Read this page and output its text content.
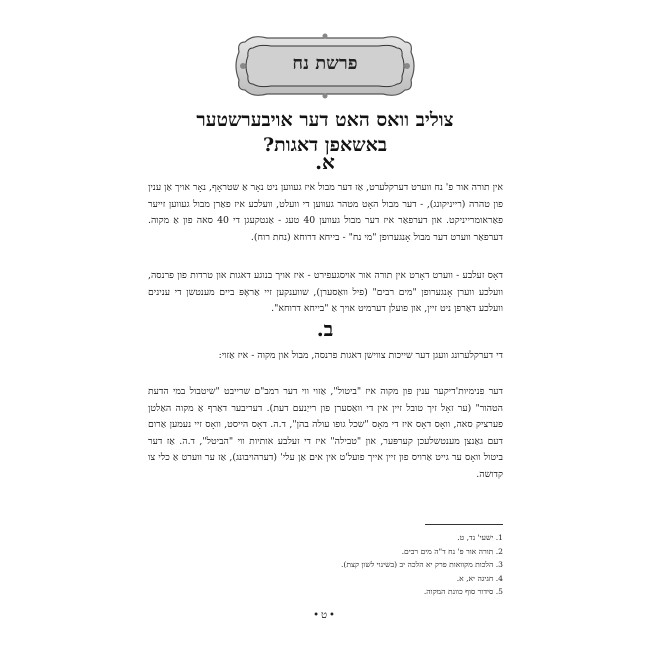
פרשת נח
צוליב וואס האט דער אויבערשטער
באשאפן דאגות?
א.
אין תורה אור פ' נח ווערט דערקלערט, אַז דער מבול איז געווען ניט נאָר אַ שטראָף, נאָר אויך אַן ענין פון טהרה (רייניקונג), - דער מבול האָט מטהר געווען די וועלט, וועלכע איז פאַרן מבול געווען זייער פאַראומרייניקט. און דערפאַר איז דער מבול געווען 40 טעג - אַנטקעגן די 40 סאה פון אַ מקוה. דערפאַר ווערט דער מבול אָנגערופן "מי נח" - בייחא דרוחא (נחת רוח).
דאָס זעלבע - ווערט דאָרט אין תורה אור אויסגעפירט - איז אויך בנוגע דאגות און טרדות פון פרנסה, וועלכע ווערן אָנגערופן "מים רבים" (פיל וואַסערן), שווענקען זיי אַראָפּ ביים מענטשן די ענינים וועלכע דאַרפן ניט זיין, און פועלן דערמיט אויך אַ "בייחא דרוחא".
ב.
די דערקלערונג וועגן דער שייכות צווישן דאגות פרנסה, מבול און מקוה - איז אַזוי:
דער פנימיות'דיקער ענין פון מקוה איז "ביטול", אַזוי ווי דער רמב"ם שרייבט "שיטבול במי הדעת הטהור" (ער זאָל זיך טובל זיין אין די וואַסערן פון רייַנעם דעת). דעריבער דאַרף אַ מקוה האַלטן פערציק סאה, וואָס דאָס איז די מאָס "שכל גופו עולה בהן", ד.ה. דאָס הייסט, וואָס זיי נעמען אַרום דעם גאַנצן מענטשלעכן קערפּער, און "טבילה" איז די זעלבע אותיות ווי "הביטל", ד.ה. אַז דער ביטול וואָס ער גייט אַרויס פון זיין אייך פועל'ט אין אים אַן עלי' (דערהויבונג), אַז ער ווערט אַ כלי צו קדושה.
1. ישעי' נד, ט.
2. תורה אור פ' נח ד"ה מים רבים.
3. הלכות מקוואות פרק יא הלכה יב (בשינוי לשון קצת).
4. חגיגה יא, א.
5. סידור סוף כוונת המקוה.
•ט•
